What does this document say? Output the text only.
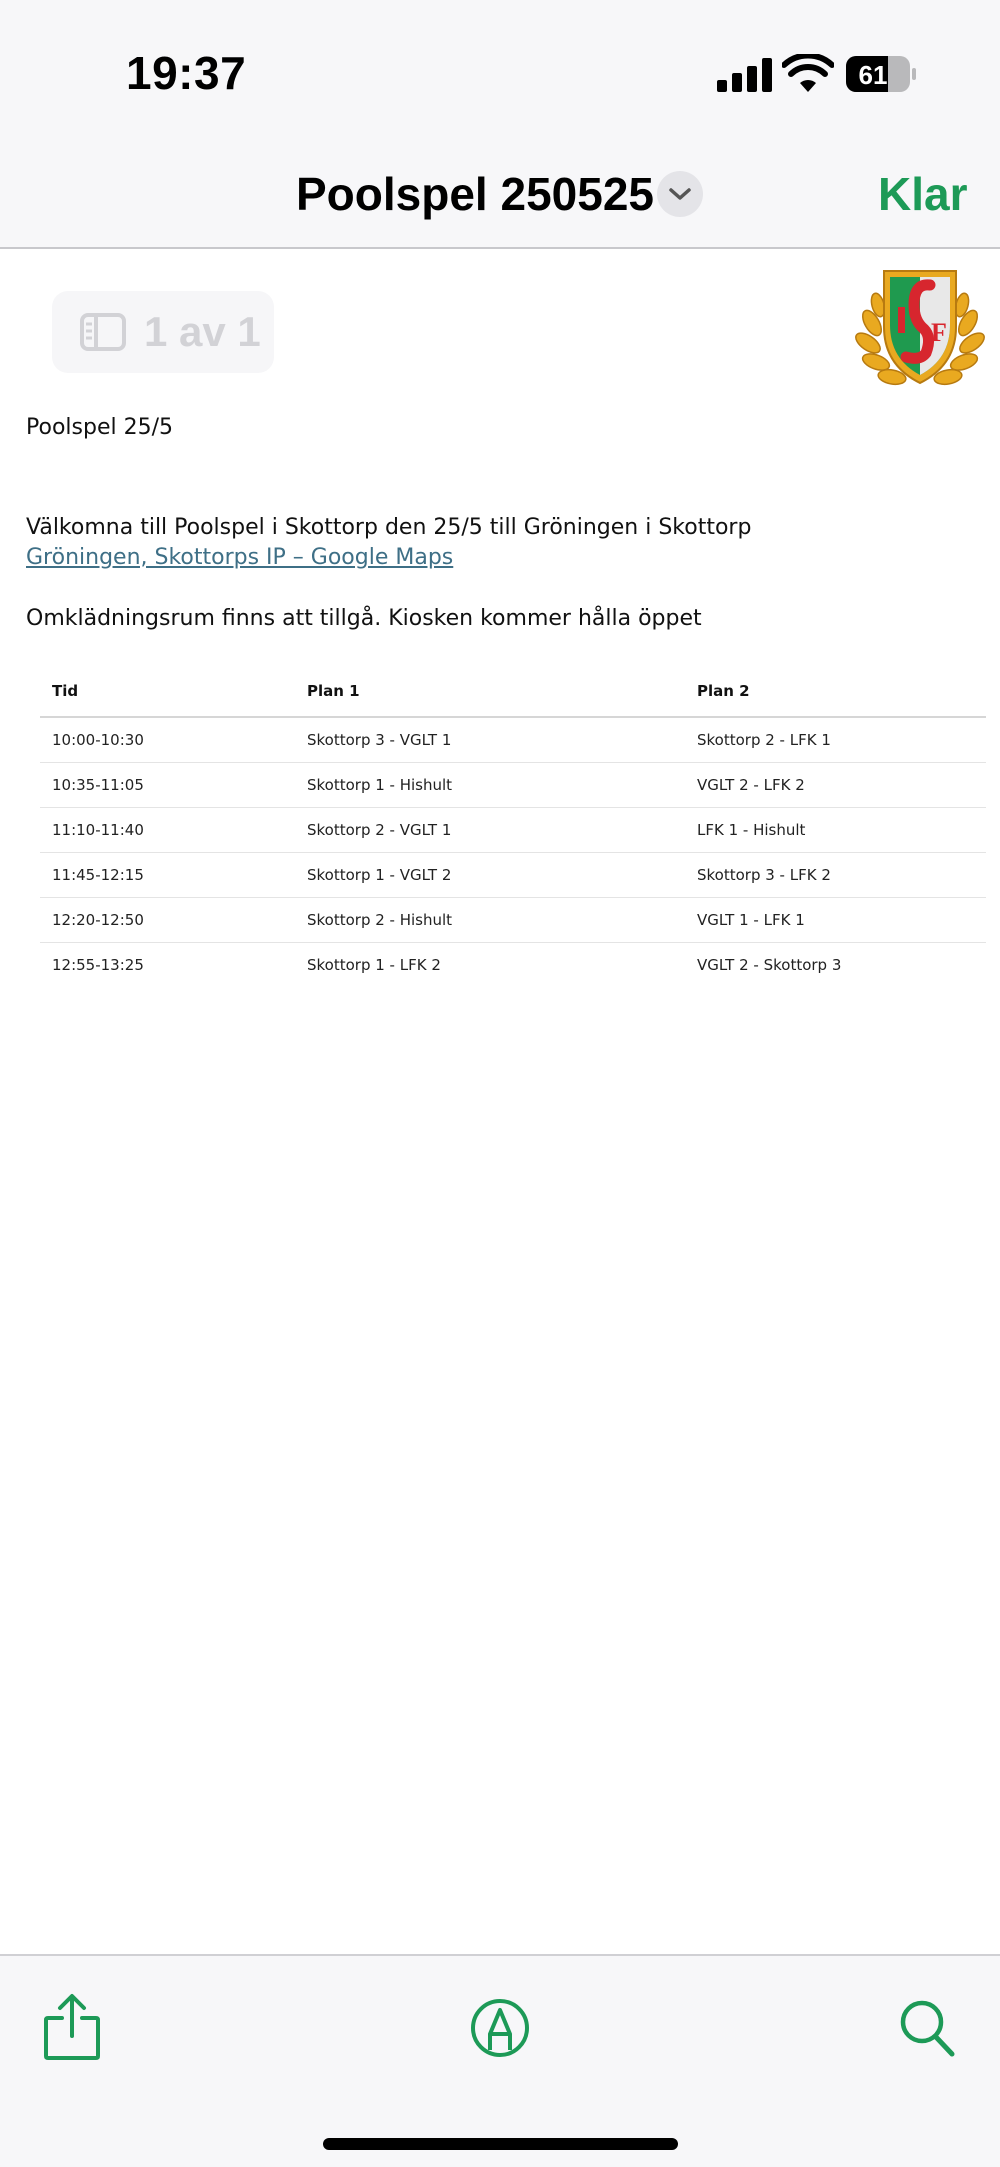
19:37	61
Poolspel 250525	Klar
1 av 1	F
Poolspel 25/5
Välkomna till Poolspel i Skottorp den 25/5 till Gröningen i Skottorp
Gröningen, Skottorps IP – Google Maps
Omklädningsrum finns att tillgå. Kiosken kommer hålla öppet
Tid	Plan 1	Plan 2
10:00-10:30	Skottorp 3 - VGLT 1	Skottorp 2 - LFK 1
10:35-11:05	Skottorp 1 - Hishult	VGLT 2 - LFK 2
11:10-11:40	Skottorp 2 - VGLT 1	LFK 1 - Hishult
11:45-12:15	Skottorp 1 - VGLT 2	Skottorp 3 - LFK 2
12:20-12:50	Skottorp 2 - Hishult	VGLT 1 - LFK 1
12:55-13:25	Skottorp 1 - LFK 2	VGLT 2 - Skottorp 3
